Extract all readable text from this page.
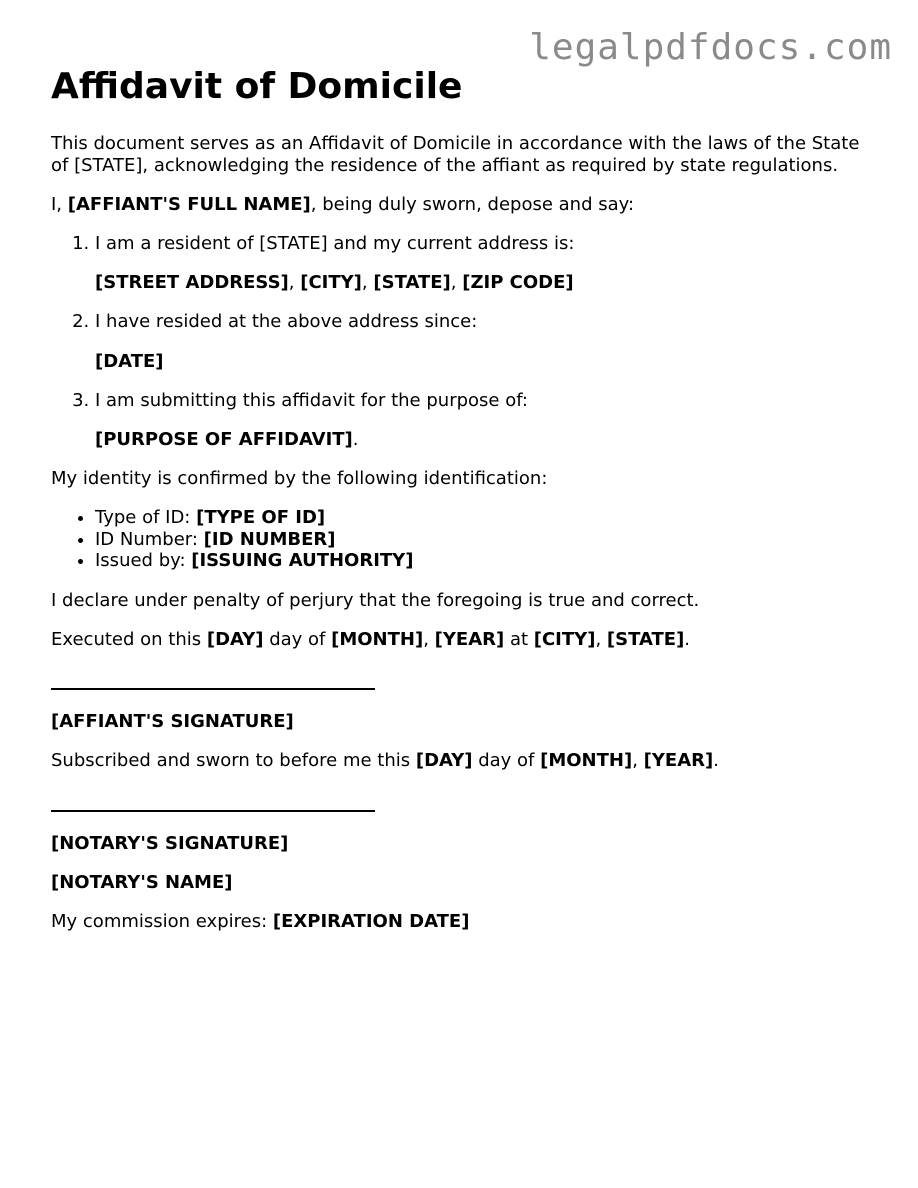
legalpdfdocs.com
Affidavit of Domicile

This document serves as an Affidavit of Domicile in accordance with the laws of the State of [STATE], acknowledging the residence of the affiant as required by state regulations.

I, [AFFIANT'S FULL NAME], being duly sworn, depose and say:

1. I am a resident of [STATE] and my current address is:

[STREET ADDRESS], [CITY], [STATE], [ZIP CODE]

2. I have resided at the above address since:

[DATE]

3. I am submitting this affidavit for the purpose of:

[PURPOSE OF AFFIDAVIT].

My identity is confirmed by the following identification:

• Type of ID: [TYPE OF ID]
• ID Number: [ID NUMBER]
• Issued by: [ISSUING AUTHORITY]

I declare under penalty of perjury that the foregoing is true and correct.

Executed on this [DAY] day of [MONTH], [YEAR] at [CITY], [STATE].

[AFFIANT'S SIGNATURE]

Subscribed and sworn to before me this [DAY] day of [MONTH], [YEAR].

[NOTARY'S SIGNATURE]

[NOTARY'S NAME]

My commission expires: [EXPIRATION DATE]
